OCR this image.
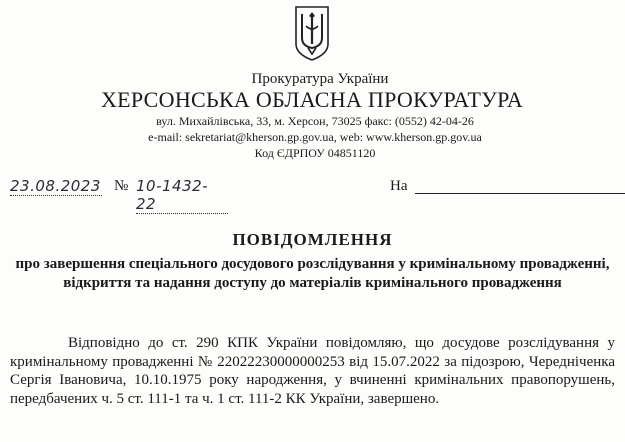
Прокуратура України
ХЕРСОНСЬКА ОБЛАСНА ПРОКУРАТУРА
вул. Михайлівська, 33, м. Херсон, 73025 факс: (0552) 42-04-26
e-mail: sekretariat@kherson.gp.gov.ua, web: www.kherson.gp.gov.ua
Код ЄДРПОУ 04851120
23.08.2023 № 10-1432-22
На
ПОВІДОМЛЕННЯ
про завершення спеціального досудового розслідування у кримінальному провадженні, відкриття та надання доступу до матеріалів кримінального провадження

Відповідно до ст. 290 КПК України повідомляю, що досудове розслідування у кримінальному провадженні № 22022230000000253 від 15.07.2022 за підозрою, Чередніченка Сергія Івановича, 10.10.1975 року народження, у вчиненні кримінальних правопорушень, передбачених ч. 5 ст. 111-1 та ч. 1 ст. 111-2 КК України, завершено.
